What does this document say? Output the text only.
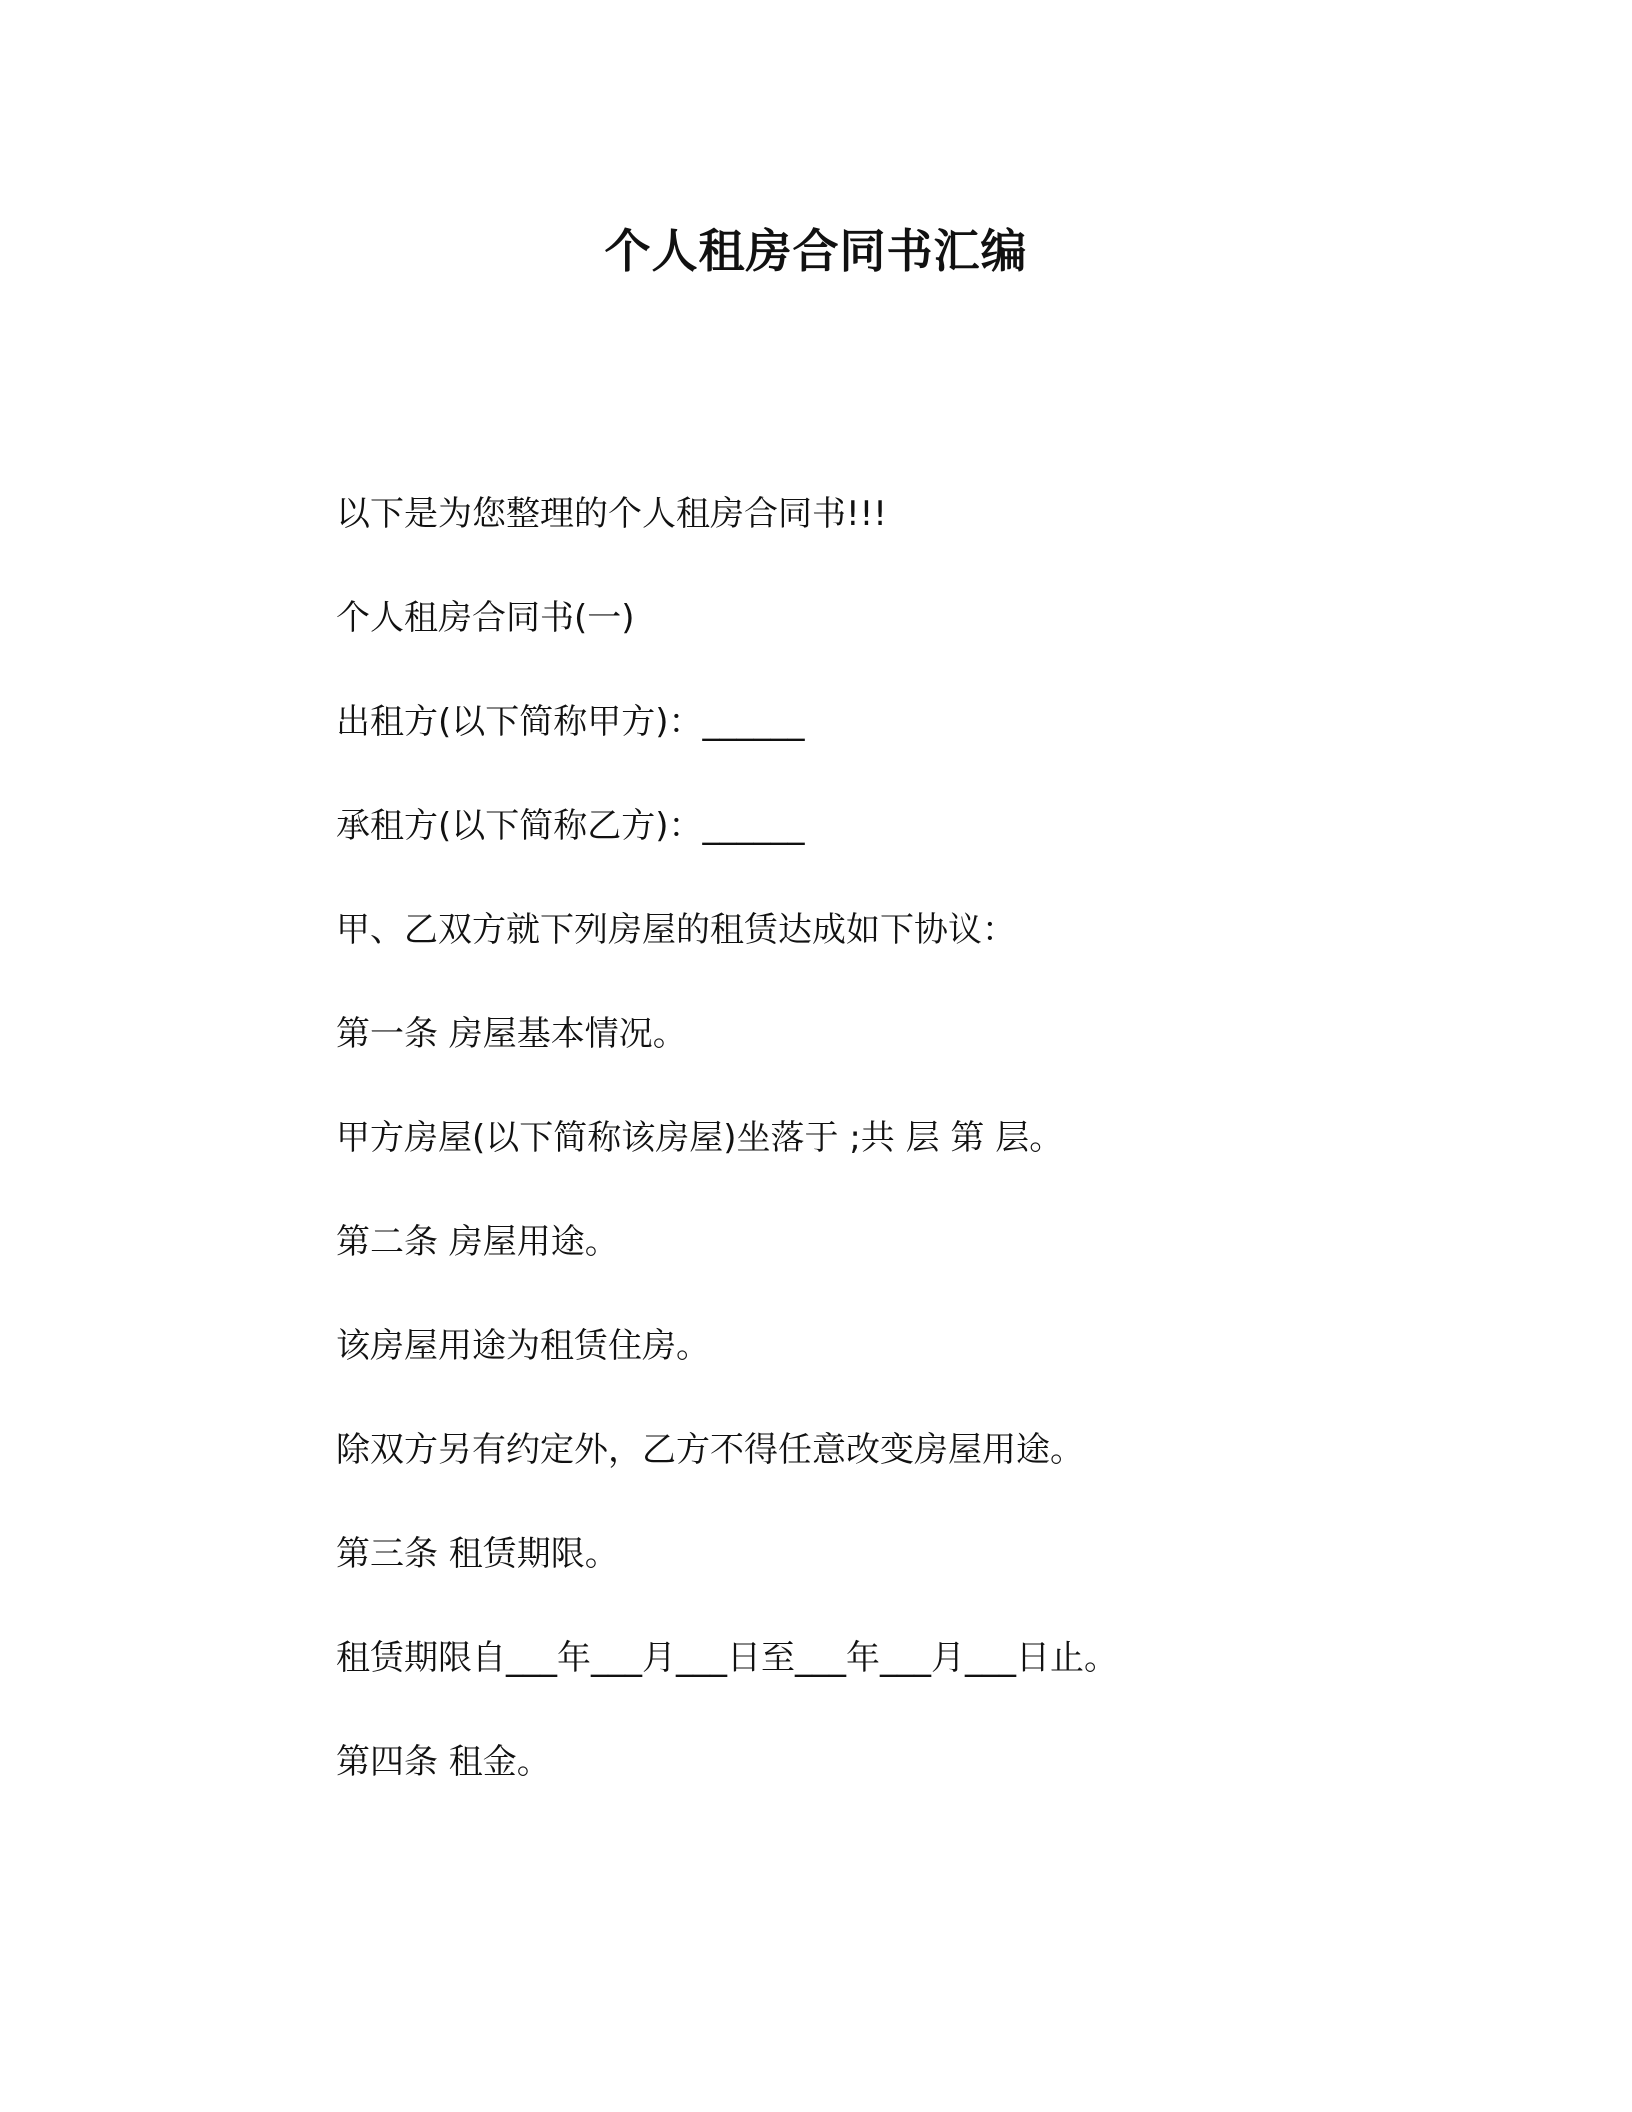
个人租房合同书汇编

以下是为您整理的个人租房合同书!!!

个人租房合同书(一)

出租方(以下简称甲方)：______

承租方(以下简称乙方)：______

甲、乙双方就下列房屋的租赁达成如下协议：

第一条 房屋基本情况。

甲方房屋(以下简称该房屋)坐落于 ;共 层 第 层。

第二条 房屋用途。

该房屋用途为租赁住房。

除双方另有约定外，乙方不得任意改变房屋用途。

第三条 租赁期限。

租赁期限自___年___月___日至___年___月___日止。

第四条 租金。
